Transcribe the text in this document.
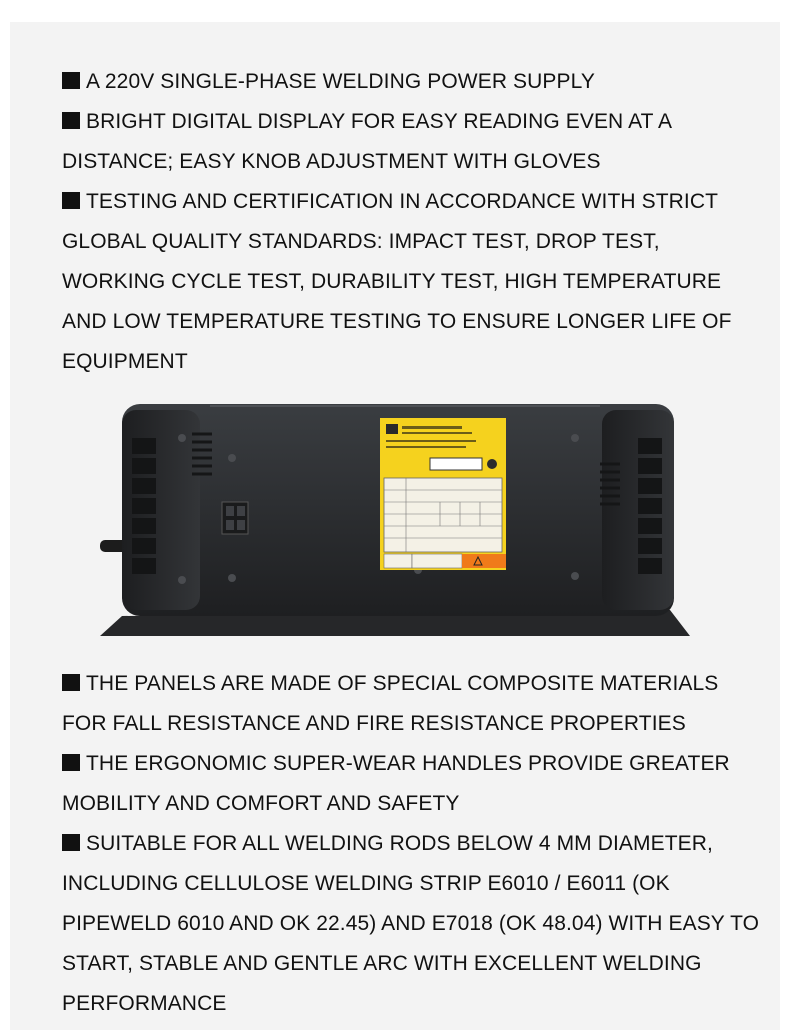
A 220V SINGLE-PHASE WELDING POWER SUPPLY

BRIGHT DIGITAL DISPLAY FOR EASY READING EVEN AT A DISTANCE; EASY KNOB ADJUSTMENT WITH GLOVES

TESTING AND CERTIFICATION IN ACCORDANCE WITH STRICT GLOBAL QUALITY STANDARDS: IMPACT TEST, DROP TEST, WORKING CYCLE TEST, DURABILITY TEST, HIGH TEMPERATURE AND LOW TEMPERATURE TESTING TO ENSURE LONGER LIFE OF EQUIPMENT

THE PANELS ARE MADE OF SPECIAL COMPOSITE MATERIALS FOR FALL RESISTANCE AND FIRE RESISTANCE PROPERTIES

THE ERGONOMIC SUPER-WEAR HANDLES PROVIDE GREATER MOBILITY AND COMFORT AND SAFETY

SUITABLE FOR ALL WELDING RODS BELOW 4 MM DIAMETER, INCLUDING CELLULOSE WELDING STRIP E6010 / E6011 (OK PIPEWELD 6010 AND OK 22.45) AND E7018 (OK 48.04) WITH EASY TO START, STABLE AND GENTLE ARC WITH EXCELLENT WELDING PERFORMANCE
